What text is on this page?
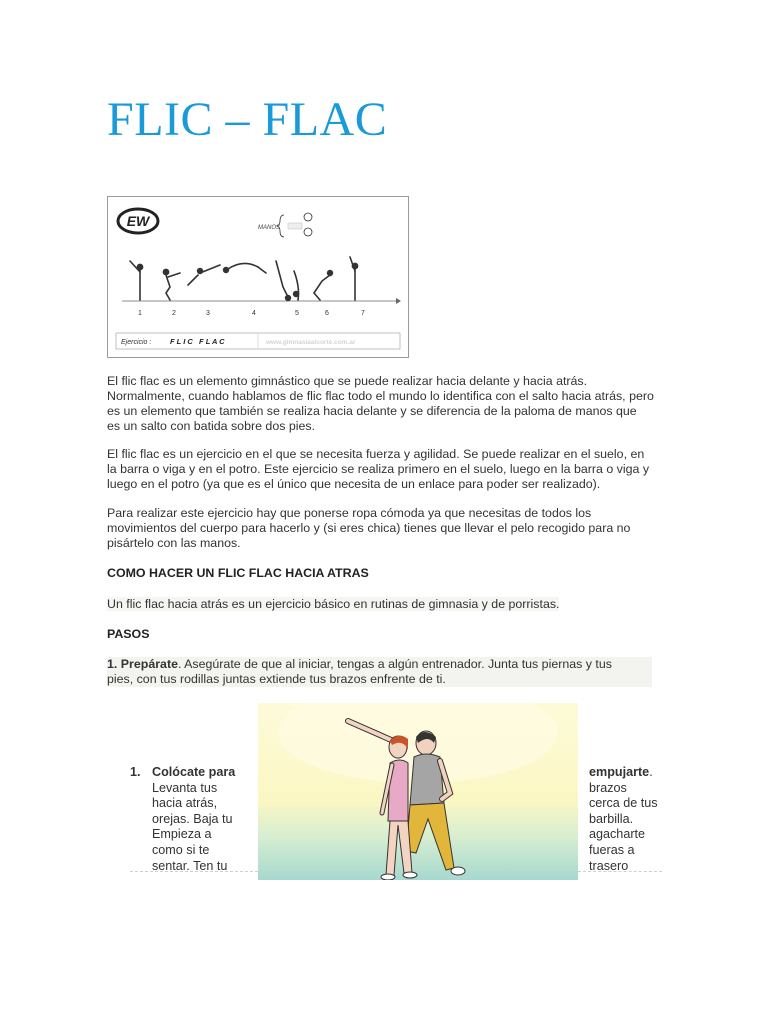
FLIC – FLAC
EW	MANOS
1	2	3	4	5	6	7
Ejercicio : F L I C   F L A C	www.gimnasiaalcorte.com.ar
El flic flac es un elemento gimnástico que se puede realizar hacia delante y hacia atrás.
Normalmente, cuando hablamos de flic flac todo el mundo lo identifica con el salto hacia atrás, pero
es un elemento que también se realiza hacia delante y se diferencia de la paloma de manos que
es un salto con batida sobre dos pies.
El flic flac es un ejercicio en el que se necesita fuerza y agilidad. Se puede realizar en el suelo, en
la barra o viga y en el potro. Este ejercicio se realiza primero en el suelo, luego en la barra o viga y
luego en el potro (ya que es el único que necesita de un enlace para poder ser realizado).
Para realizar este ejercicio hay que ponerse ropa cómoda ya que necesitas de todos los
movimientos del cuerpo para hacerlo y (si eres chica) tienes que llevar el pelo recogido para no
pisártelo con las manos.
COMO HACER UN FLIC FLAC HACIA ATRAS
Un flic flac hacia atrás es un ejercicio básico en rutinas de gimnasia y de porristas.
PASOS
1. Prepárate. Asegúrate de que al iniciar, tengas a algún entrenador. Junta tus piernas y tus
pies, con tus rodillas juntas extiende tus brazos enfrente de ti.
1. Colócate para
Levanta tus
hacia atrás,
orejas. Baja tu
Empieza a
como si te
sentar. Ten tu
empujarte.
brazos
cerca de tus
barbilla.
agacharte
fueras a
trasero
